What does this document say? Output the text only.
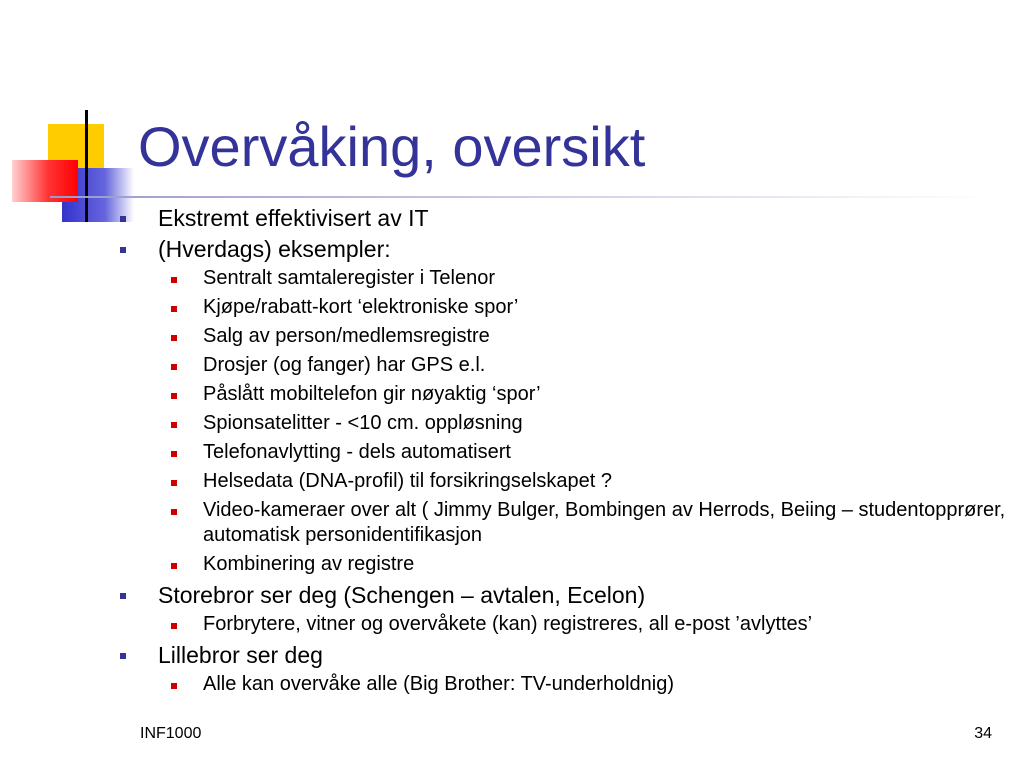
Overvåking, oversikt
Ekstremt effektivisert av IT
(Hverdags) eksempler:
Sentralt samtaleregister i Telenor
Kjøpe/rabatt-kort ‘elektroniske spor’
Salg av person/medlemsregistre
Drosjer (og fanger) har GPS e.l.
Påslått mobiltelefon gir nøyaktig ‘spor’
Spionsatelitter - <10 cm. oppløsning
Telefonavlytting - dels automatisert
Helsedata (DNA-profil) til forsikringselskapet ?
Video-kameraer over alt ( Jimmy Bulger, Bombingen av Herrods, Beiing – studentopprører, automatisk personidentifikasjon
Kombinering av registre
Storebror ser deg (Schengen – avtalen, Ecelon)
Forbrytere, vitner og overvåkete (kan) registreres, all e-post ’avlyttes’
Lillebror ser deg
Alle kan overvåke alle (Big Brother: TV-underholdnig)
INF1000	34
